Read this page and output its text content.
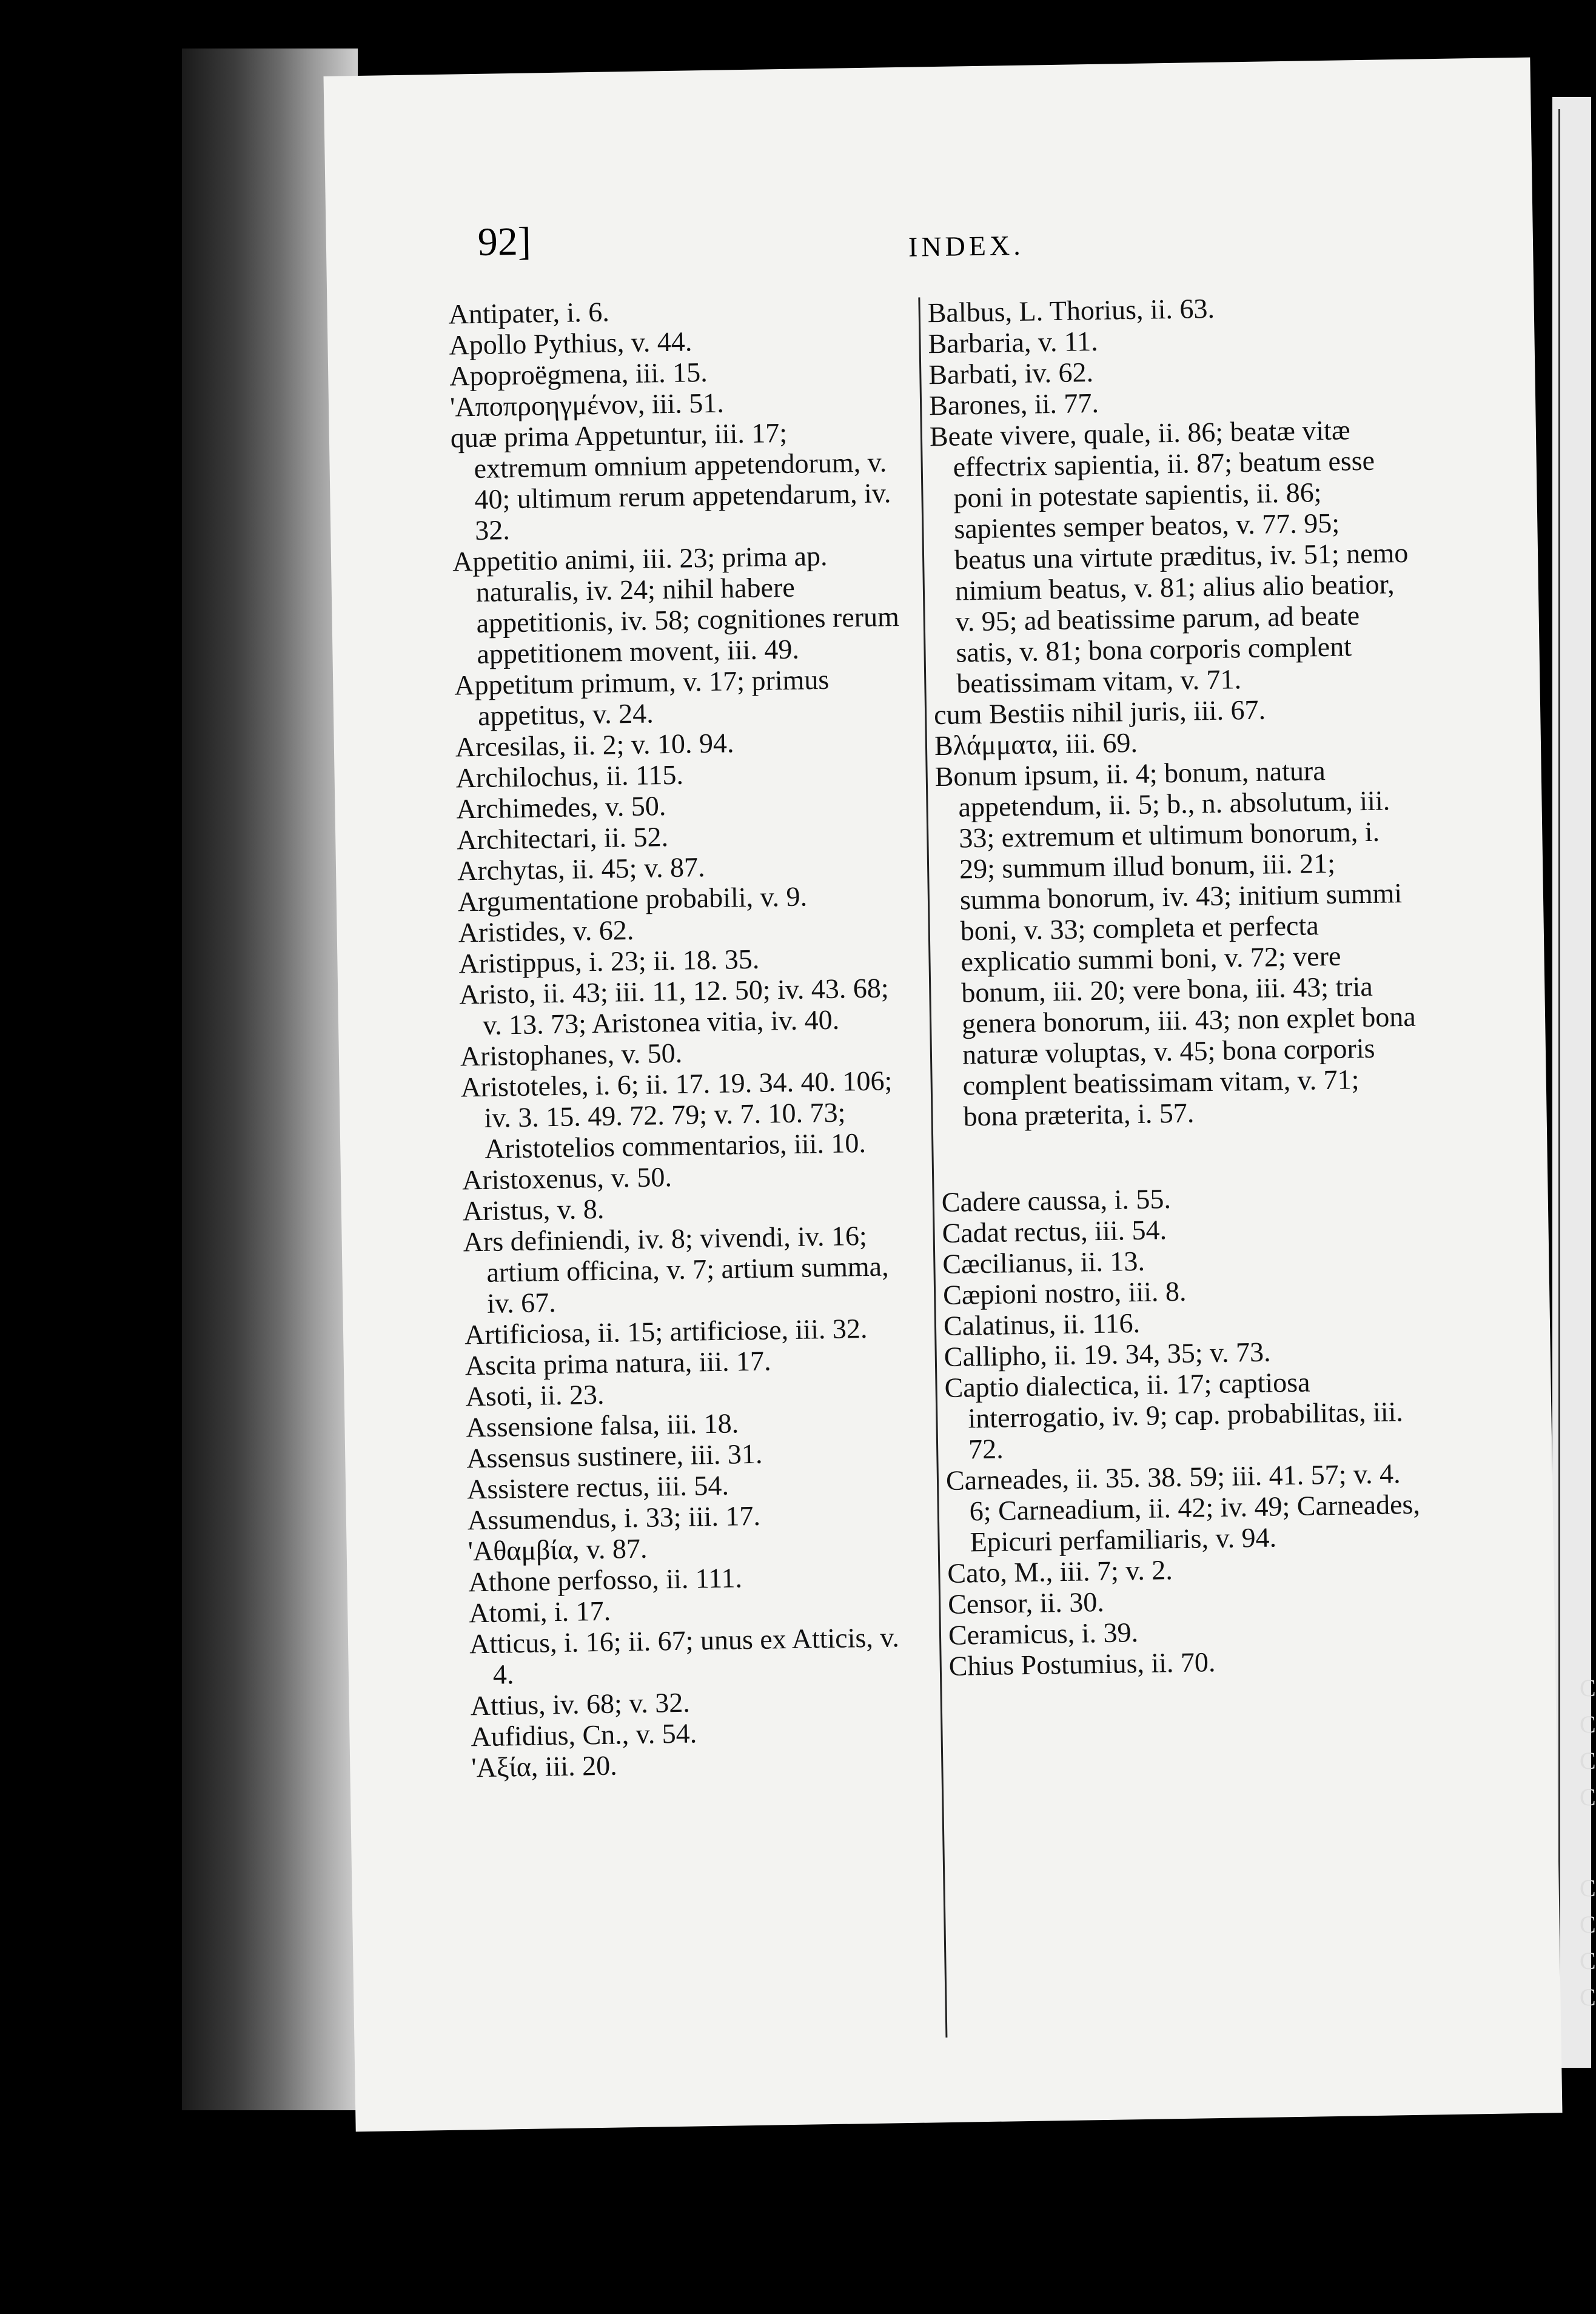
92]	INDEX.

Antipater, i. 6.

Apollo Pythius, v. 44.

Apoproëgmena, iii. 15.

'Αποπροηγμένον, iii. 51.

quæ prima Appetuntur, iii. 17; extremum omnium appetendorum, v. 40; ultimum rerum appetendarum, iv. 32.

Appetitio animi, iii. 23; prima ap. naturalis, iv. 24; nihil habere appetitionis, iv. 58; cognitiones rerum appetitionem movent, iii. 49.

Appetitum primum, v. 17; primus appetitus, v. 24.

Arcesilas, ii. 2; v. 10. 94.

Archilochus, ii. 115.

Archimedes, v. 50.

Architectari, ii. 52.

Archytas, ii. 45; v. 87.

Argumentatione probabili, v. 9.

Aristides, v. 62.

Aristippus, i. 23; ii. 18. 35.

Aristo, ii. 43; iii. 11, 12. 50; iv. 43. 68; v. 13. 73; Aristonea vitia, iv. 40.

Aristophanes, v. 50.

Aristoteles, i. 6; ii. 17. 19. 34. 40. 106; iv. 3. 15. 49. 72. 79; v. 7. 10. 73; Aristotelios commentarios, iii. 10.

Aristoxenus, v. 50.

Aristus, v. 8.

Ars definiendi, iv. 8; vivendi, iv. 16; artium officina, v. 7; artium summa, iv. 67.

Artificiosa, ii. 15; artificiose, iii. 32.

Ascita prima natura, iii. 17.

Asoti, ii. 23.

Assensione falsa, iii. 18.

Assensus sustinere, iii. 31.

Assistere rectus, iii. 54.

Assumendus, i. 33; iii. 17.

'Αθαμβία, v. 87.

Athone perfosso, ii. 111.

Atomi, i. 17.

Atticus, i. 16; ii. 67; unus ex Atticis, v. 4.

Attius, iv. 68; v. 32.

Aufidius, Cn., v. 54.

'Αξία, iii. 20.

Balbus, L. Thorius, ii. 63.

Barbaria, v. 11.

Barbati, iv. 62.

Barones, ii. 77.

Beate vivere, quale, ii. 86; beatæ vitæ effectrix sapientia, ii. 87; beatum esse poni in potestate sapientis, ii. 86; sapientes semper beatos, v. 77. 95; beatus una virtute præditus, iv. 51; nemo nimium beatus, v. 81; alius alio beatior, v. 95; ad beatissime parum, ad beate satis, v. 81; bona corporis complent beatissimam vitam, v. 71.

cum Bestiis nihil juris, iii. 67.

Βλάμματα, iii. 69.

Bonum ipsum, ii. 4; bonum, natura appetendum, ii. 5; b., n. absolutum, iii. 33; extremum et ultimum bonorum, i. 29; summum illud bonum, iii. 21; summa bonorum, iv. 43; initium summi boni, v. 33; completa et perfecta explicatio summi boni, v. 72; vere bonum, iii. 20; vere bona, iii. 43; tria genera bonorum, iii. 43; non explet bona naturæ voluptas, v. 45; bona corporis complent beatissimam vitam, v. 71; bona præterita, i. 57.

Cadere caussa, i. 55.

Cadat rectus, iii. 54.

Cæcilianus, ii. 13.

Cæpioni nostro, iii. 8.

Calatinus, ii. 116.

Callipho, ii. 19. 34, 35; v. 73.

Captio dialectica, ii. 17; captiosa interrogatio, iv. 9; cap. probabilitas, iii. 72.

Carneades, ii. 35. 38. 59; iii. 41. 57; v. 4. 6; Carneadium, ii. 42; iv. 49; Carneades, Epicuri perfamiliaris, v. 94.

Cato, M., iii. 7; v. 2.

Censor, ii. 30.

Ceramicus, i. 39.

Chius Postumius, ii. 70.

C
C
C
C
C
C
C
C
